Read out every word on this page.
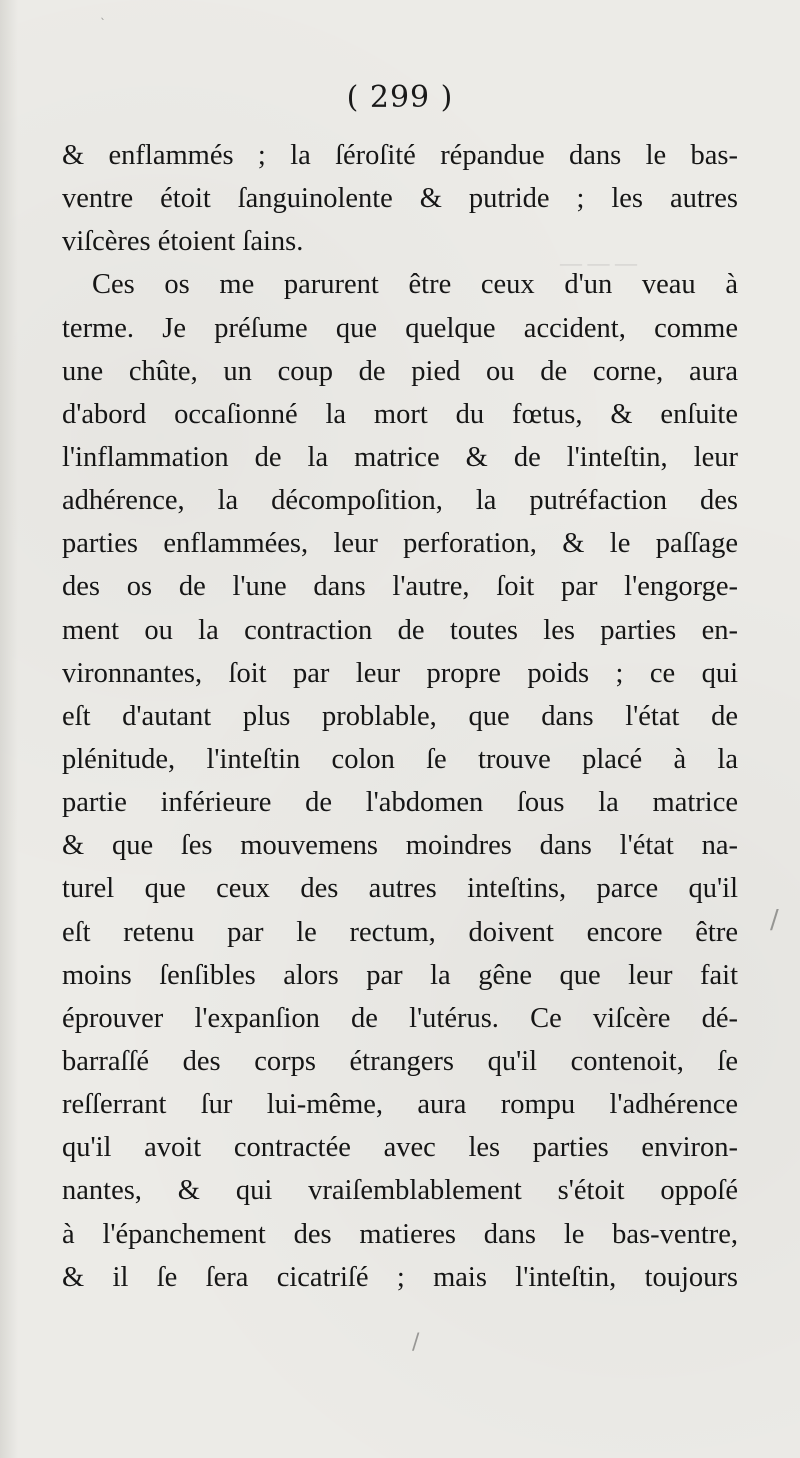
— — —
( 299 )
& enflammés ; la ſéroſité répandue dans le bas-
ventre étoit ſanguinolente & putride ; les autres
viſcères étoient ſains.
Ces os me parurent être ceux d'un veau à
terme. Je préſume que quelque accident, comme
une chûte, un coup de pied ou de corne, aura
d'abord occaſionné la mort du fœtus, & enſuite
l'inflammation de la matrice & de l'inteſtin, leur
adhérence, la décompoſition, la putréfaction des
parties enflammées, leur perforation, & le paſſage
des os de l'une dans l'autre, ſoit par l'engorge-
ment ou la contraction de toutes les parties en-
vironnantes, ſoit par leur propre poids ; ce qui
eſt d'autant plus problable, que dans l'état de
plénitude, l'inteſtin colon ſe trouve placé à la
partie inférieure de l'abdomen ſous la matrice
& que ſes mouvemens moindres dans l'état na-
turel que ceux des autres inteſtins, parce qu'il
eſt retenu par le rectum, doivent encore être
moins ſenſibles alors par la gêne que leur fait
éprouver l'expanſion de l'utérus. Ce viſcère dé-
barraſſé des corps étrangers qu'il contenoit, ſe
reſſerrant ſur lui-même, aura rompu l'adhérence
qu'il avoit contractée avec les parties environ-
nantes, & qui vraiſemblablement s'étoit oppoſé
à l'épanchement des matieres dans le bas-ventre,
& il ſe ſera cicatriſé ; mais l'inteſtin, toujours
ˎ
/
/
